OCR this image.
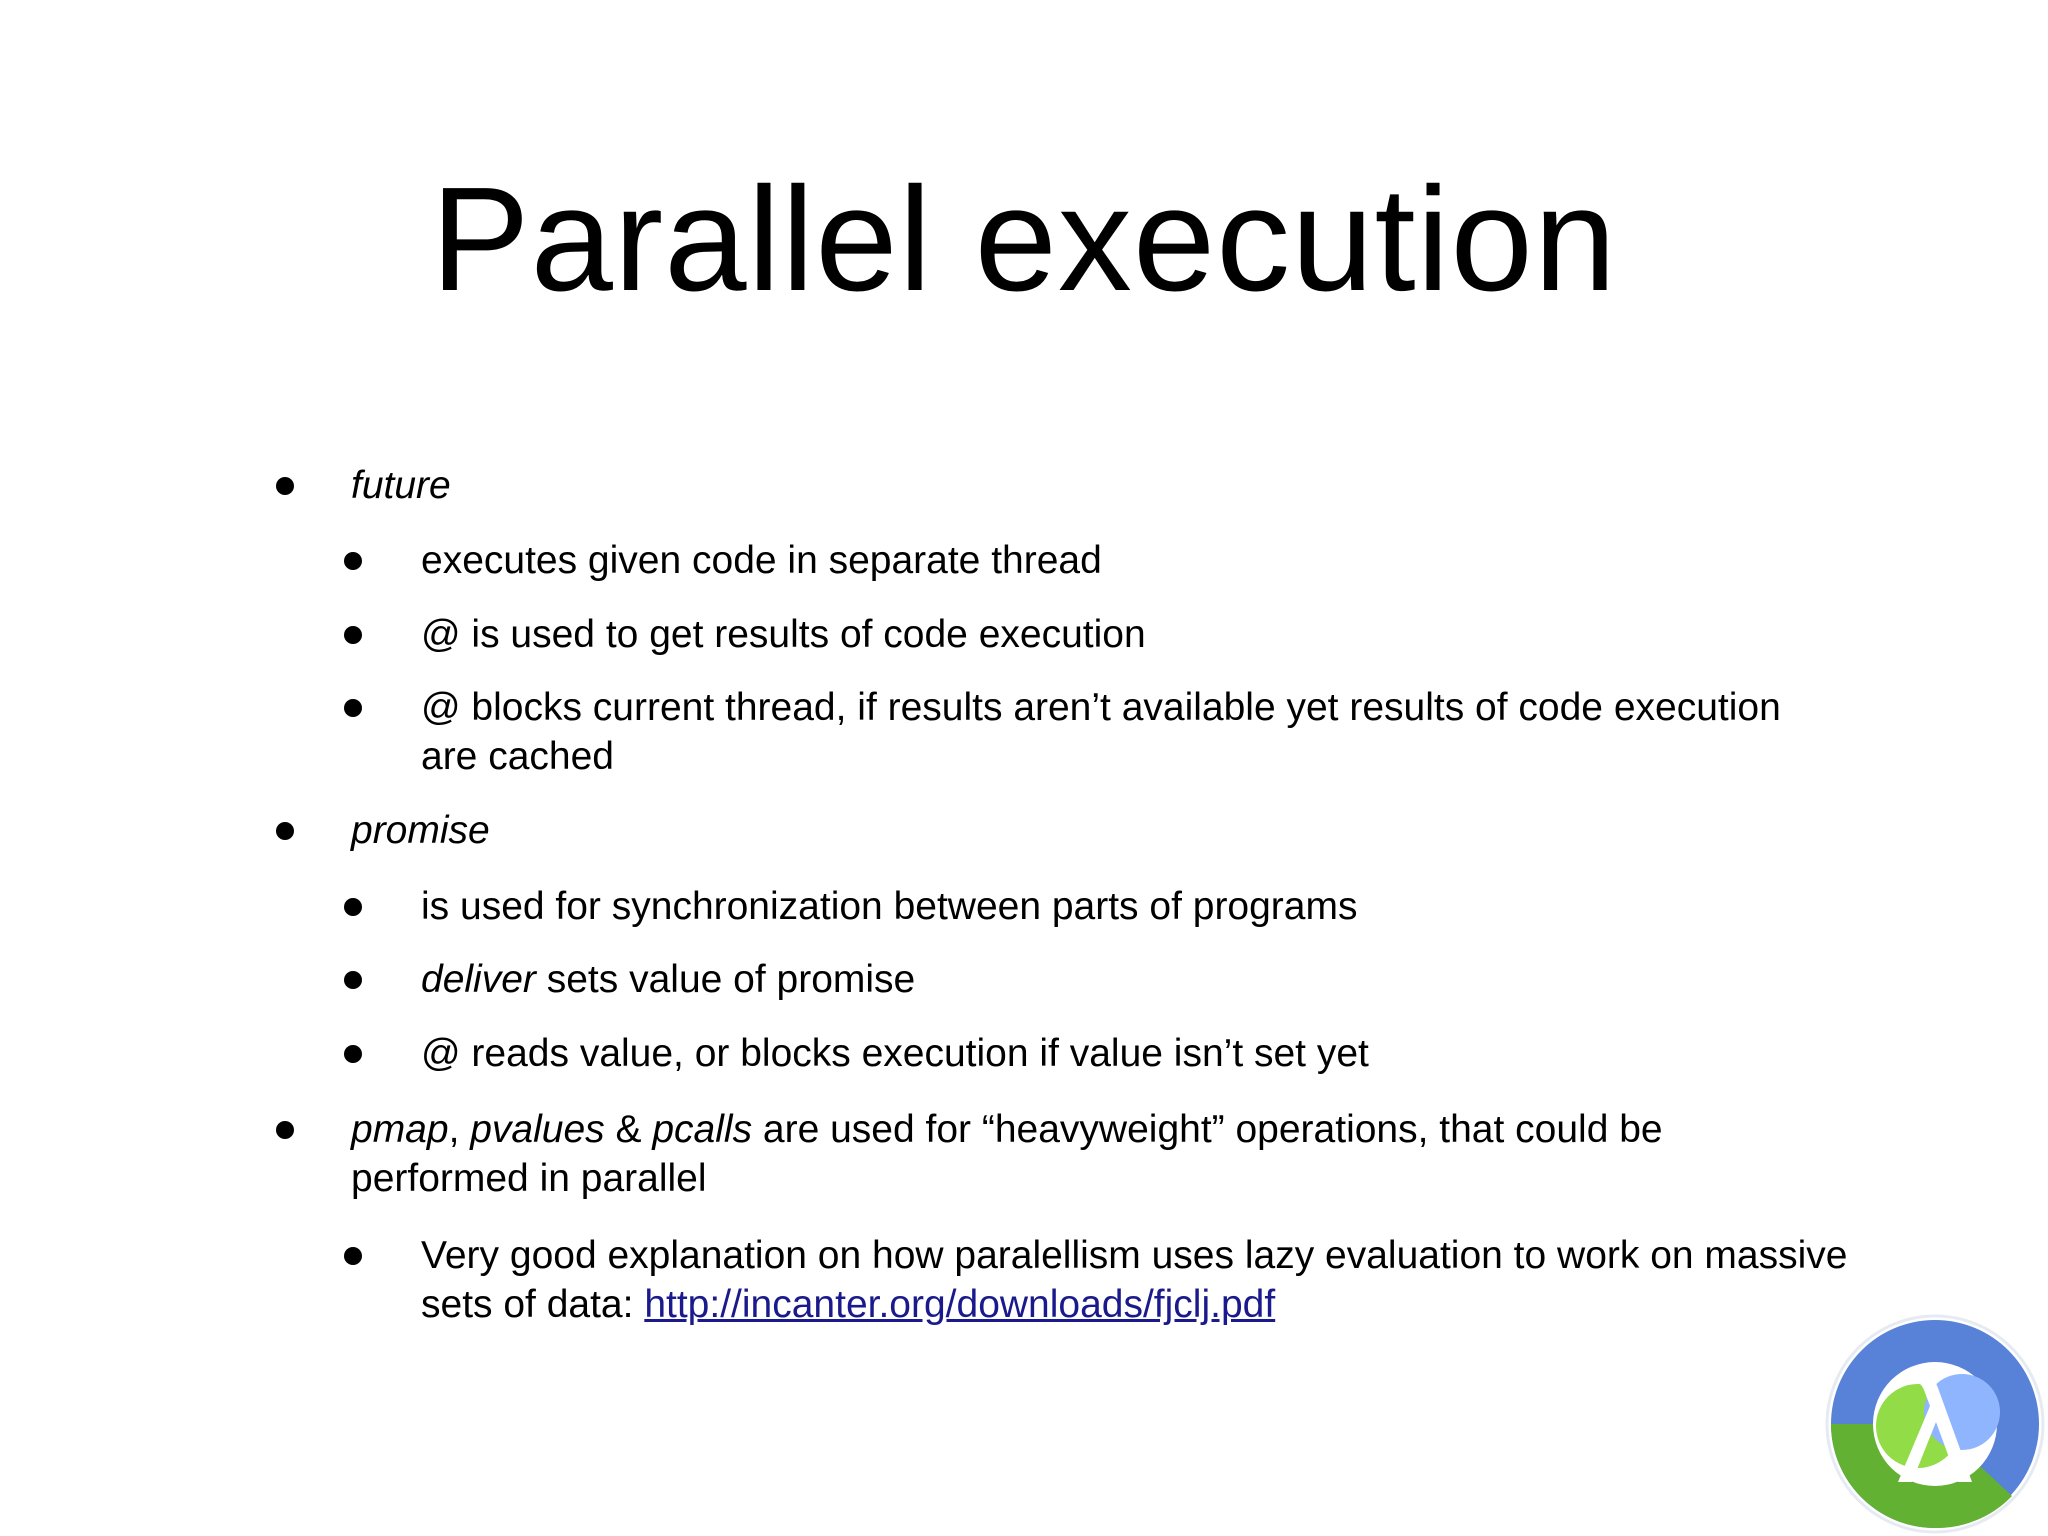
Parallel execution
future
executes given code in separate thread
@ is used to get results of code execution
@ blocks current thread, if results aren’t available yet results of code execution
are cached
promise
is used for synchronization between parts of programs
deliver sets value of promise
@ reads value, or blocks execution if value isn’t set yet
pmap, pvalues & pcalls are used for “heavyweight” operations, that could be
performed in parallel
Very good explanation on how paralellism uses lazy evaluation to work on massive
sets of data: http://incanter.org/downloads/fjclj.pdf
